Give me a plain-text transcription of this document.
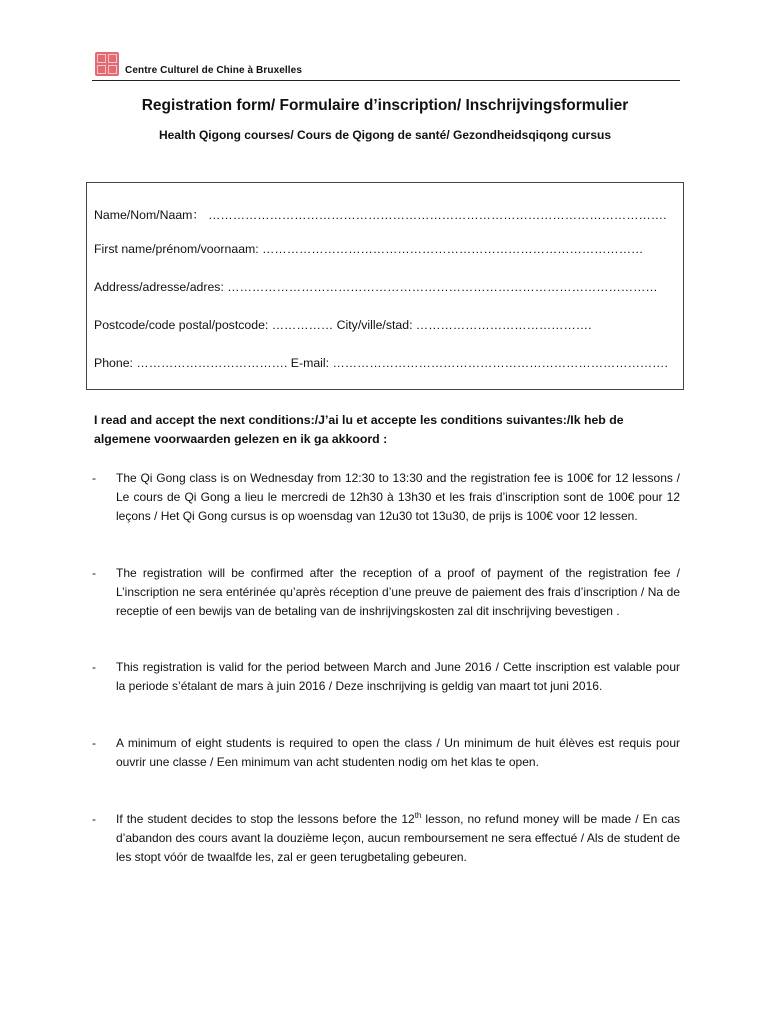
Centre Culturel de Chine à Bruxelles
Registration form/ Formulaire d’inscription/ Inschrijvingsformulier
Health Qigong courses/ Cours de Qigong de santé/ Gezondheidsqiqong cursus
Name/Nom/Naam： ………………………………………………………………………………………………….
First name/prénom/voornaam: …………………………………………………………………………………
Address/adresse/adres: ……………………………………………………………………………………………
Postcode/code postal/postcode: …………… City/ville/stad: …………………………………….
Phone: ………………………………. E-mail: ……………………………………………………………………….
I read and accept the next conditions:/J’ai lu et accepte les conditions suivantes:/Ik heb de algemene voorwaarden gelezen en ik ga akkoord :
- The Qi Gong class is on Wednesday from 12:30 to 13:30 and the registration fee is 100€ for 12 lessons / Le cours de Qi Gong a lieu le mercredi de 12h30 à 13h30 et les frais d’inscription sont de 100€ pour 12 leçons / Het Qi Gong cursus is op woensdag van 12u30 tot 13u30, de prijs is 100€ voor 12 lessen.
- The registration will be confirmed after the reception of a proof of payment of the registration fee / L’inscription ne sera entérinée qu’après réception d’une preuve de paiement des frais d’inscription / Na de receptie of een bewijs van de betaling van de inshrijvingskosten zal dit inschrijving bevestigen .
- This registration is valid for the period between March and June 2016 / Cette inscription est valable pour la periode s’étalant de mars à juin 2016 / Deze inschrijving is geldig van maart tot juni 2016.
- A minimum of eight students is required to open the class / Un minimum de huit élèves est requis pour ouvrir une classe / Een minimum van acht studenten nodig om het klas te open.
- If the student decides to stop the lessons before the 12th lesson, no refund money will be made / En cas d’abandon des cours avant la douzième leçon, aucun remboursement ne sera effectué / Als de student de les stopt vóór de twaalfde les, zal er geen terugbetaling gebeuren.
